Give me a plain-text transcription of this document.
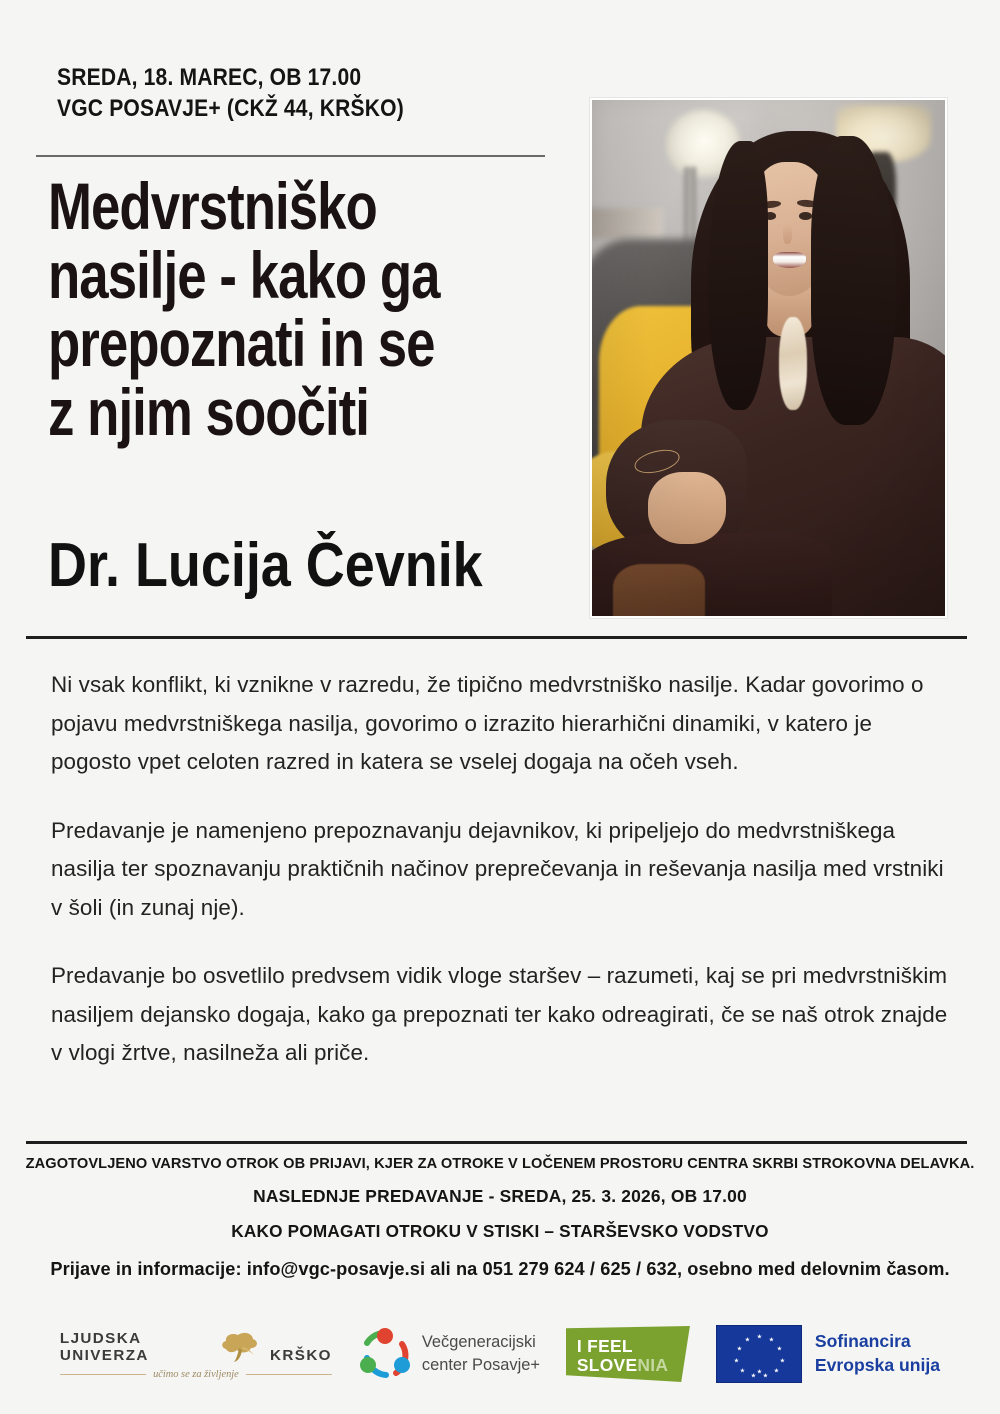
SREDA, 18. MAREC, OB 17.00
VGC POSAVJE+ (CKŽ 44, KRŠKO)
Medvrstniško
nasilje - kako ga
prepoznati in se
z njim soočiti
Dr. Lucija Čevnik

Ni vsak konflikt, ki vznikne v razredu, že tipično medvrstniško nasilje. Kadar govorimo o pojavu medvrstniškega nasilja, govorimo o izrazito hierarhični dinamiki, v katero je pogosto vpet celoten razred in katera se vselej dogaja na očeh vseh.

Predavanje je namenjeno prepoznavanju dejavnikov, ki pripeljejo do medvrstniškega nasilja ter spoznavanju praktičnih načinov preprečevanja in reševanja nasilja med vrstniki v šoli (in zunaj nje).

Predavanje bo osvetlilo predvsem vidik vloge staršev – razumeti, kaj se pri medvrstniškim nasiljem dejansko dogaja, kako ga prepoznati ter kako odreagirati, če se naš otrok znajde v vlogi žrtve, nasilneža ali priče.

ZAGOTOVLJENO VARSTVO OTROK OB PRIJAVI, KJER ZA OTROKE V LOČENEM PROSTORU CENTRA SKRBI STROKOVNA DELAVKA.
NASLEDNJE PREDAVANJE - SREDA, 25. 3. 2026, OB 17.00
KAKO POMAGATI OTROKU V STISKI – STARŠEVSKO VODSTVO
Prijave in informacije: info@vgc-posavje.si ali na 051 279 624 / 625 / 632, osebno med delovnim časom.
LJUDSKA UNIVERZA	KRŠKO
učimo se za življenje
Večgeneracijski
center Posavje+
I FEEL
SLOVENIA
Sofinancira
Evropska unija
